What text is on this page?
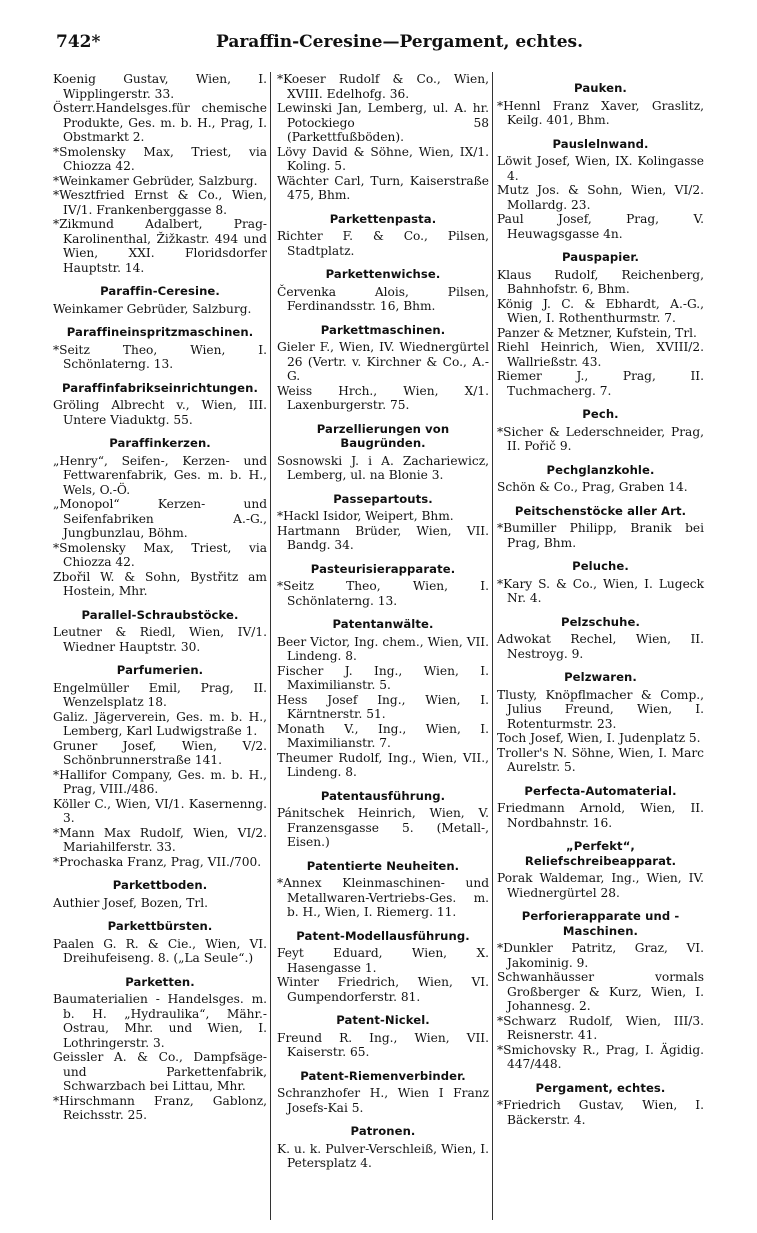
742*	Paraffin-Ceresine—Pergament, echtes.
Koenig Gustav, Wien, I. Wipplingerstr. 33.
Österr.Handelsges.für chemische Produkte, Ges. m. b. H., Prag, I. Obstmarkt 2.
*Smolensky Max, Triest, via Chiozza 42.
*Weinkamer Gebrüder, Salzburg.
*Wesztfried Ernst & Co., Wien, IV/1. Frankenberggasse 8.
*Zikmund Adalbert, Prag-Karolinenthal, Žižkastr. 494 und Wien, XXI. Floridsdorfer Hauptstr. 14.
Paraffin-Ceresine.
Weinkamer Gebrüder, Salzburg.
Paraffineinspritzmaschinen.
*Seitz Theo, Wien, I. Schönlaterng. 13.
Paraffinfabrikseinrichtungen.
Gröling Albrecht v., Wien, III. Untere Viaduktg. 55.
Paraffinkerzen.
„Henry“, Seifen-, Kerzen- und Fettwarenfabrik, Ges. m. b. H., Wels, O.-Ö.
„Monopol“ Kerzen- und Seifenfabriken A.-G., Jungbunzlau, Böhm.
*Smolensky Max, Triest, via Chiozza 42.
Zbořil W. & Sohn, Bystřitz am Hostein, Mhr.
Parallel-Schraubstöcke.
Leutner & Riedl, Wien, IV/1. Wiedner Hauptstr. 30.
Parfumerien.
Engelmüller Emil, Prag, II. Wenzelsplatz 18.
Galiz. Jägerverein, Ges. m. b. H., Lemberg, Karl Ludwigstraße 1.
Gruner Josef, Wien, V/2. Schönbrunnerstraße 141.
*Hallifor Company, Ges. m. b. H., Prag, VIII./486.
Köller C., Wien, VI/1. Kasernenng. 3.
*Mann Max Rudolf, Wien, VI/2. Mariahilferstr. 33.
*Prochaska Franz, Prag, VII./700.
Parkettboden.
Authier Josef, Bozen, Trl.
Parkettbürsten.
Paalen G. R. & Cie., Wien, VI. Dreihufeiseng. 8. („La Seule“.)
Parketten.
Baumaterialien - Handelsges. m. b. H. „Hydraulika“, Mähr.-Ostrau, Mhr. und Wien, I. Lothringerstr. 3.
Geissler A. & Co., Dampfsäge- und Parkettenfabrik, Schwarzbach bei Littau, Mhr.
*Hirschmann Franz, Gablonz, Reichsstr. 25.
*Koeser Rudolf & Co., Wien, XVIII. Edelhofg. 36.
Lewinski Jan, Lemberg, ul. A. hr. Potockiego 58 (Parkettfußböden).
Lövy David & Söhne, Wien, IX/1. Koling. 5.
Wächter Carl, Turn, Kaiserstraße 475, Bhm.
Parkettenpasta.
Richter F. & Co., Pilsen, Stadtplatz.
Parkettenwichse.
Červenka Alois, Pilsen, Ferdinandsstr. 16, Bhm.
Parkettmaschinen.
Gieler F., Wien, IV. Wiednergürtel 26 (Vertr. v. Kirchner & Co., A.-G.
Weiss Hrch., Wien, X/1. Laxenburgerstr. 75.
Parzellierungen von Baugründen.
Sosnowski J. i A. Zachariewicz, Lemberg, ul. na Blonie 3.
Passepartouts.
*Hackl Isidor, Weipert, Bhm.
Hartmann Brüder, Wien, VII. Bandg. 34.
Pasteurisierapparate.
*Seitz Theo, Wien, I. Schönlaterng. 13.
Patentanwälte.
Beer Victor, Ing. chem., Wien, VII. Lindeng. 8.
Fischer J. Ing., Wien, I. Maximilianstr. 5.
Hess Josef Ing., Wien, I. Kärntnerstr. 51.
Monath V., Ing., Wien, I. Maximilianstr. 7.
Theumer Rudolf, Ing., Wien, VII., Lindeng. 8.
Patentausführung.
Pánitschek Heinrich, Wien, V. Franzensgasse 5. (Metall-, Eisen.)
Patentierte Neuheiten.
*Annex Kleinmaschinen- und Metallwaren-Vertriebs-Ges. m. b. H., Wien, I. Riemerg. 11.
Patent-Modellausführung.
Feyt Eduard, Wien, X. Hasengasse 1.
Winter Friedrich, Wien, VI. Gumpendorferstr. 81.
Patent-Nickel.
Freund R. Ing., Wien, VII. Kaiserstr. 65.
Patent-Riemenverbinder.
Schranzhofer H., Wien I Franz Josefs-Kai 5.
Patronen.
K. u. k. Pulver-Verschleiß, Wien, I. Petersplatz 4.
Pauken.
*Hennl Franz Xaver, Graslitz, Keilg. 401, Bhm.
Pauslelnwand.
Löwit Josef, Wien, IX. Kolingasse 4.
Mutz Jos. & Sohn, Wien, VI/2. Mollardg. 23.
Paul Josef, Prag, V. Heuwagsgasse 4n.
Pauspapier.
Klaus Rudolf, Reichenberg, Bahnhofstr. 6, Bhm.
König J. C. & Ebhardt, A.-G., Wien, I. Rothenthurmstr. 7.
Panzer & Metzner, Kufstein, Trl.
Riehl Heinrich, Wien, XVIII/2. Wallrießstr. 43.
Riemer J., Prag, II. Tuchmacherg. 7.
Pech.
*Sicher & Lederschneider, Prag, II. Pořič 9.
Pechglanzkohle.
Schön & Co., Prag, Graben 14.
Peitschenstöcke aller Art.
*Bumiller Philipp, Branik bei Prag, Bhm.
Peluche.
*Kary S. & Co., Wien, I. Lugeck Nr. 4.
Pelzschuhe.
Adwokat Rechel, Wien, II. Nestroyg. 9.
Pelzwaren.
Tlusty, Knöpflmacher & Comp., Julius Freund, Wien, I. Rotenturmstr. 23.
Toch Josef, Wien, I. Judenplatz 5.
Troller's N. Söhne, Wien, I. Marc Aurelstr. 5.
Perfecta-Automaterial.
Friedmann Arnold, Wien, II. Nordbahnstr. 16.
„Perfekt“, Reliefschreibeapparat.
Porak Waldemar, Ing., Wien, IV. Wiednergürtel 28.
Perforierapparate und -Maschinen.
*Dunkler Patritz, Graz, VI. Jakominig. 9.
Schwanhäusser vormals Großberger & Kurz, Wien, I. Johannesg. 2.
*Schwarz Rudolf, Wien, III/3. Reisnerstr. 41.
*Smichovsky R., Prag, I. Ägidig. 447/448.
Pergament, echtes.
*Friedrich Gustav, Wien, I. Bäckerstr. 4.
